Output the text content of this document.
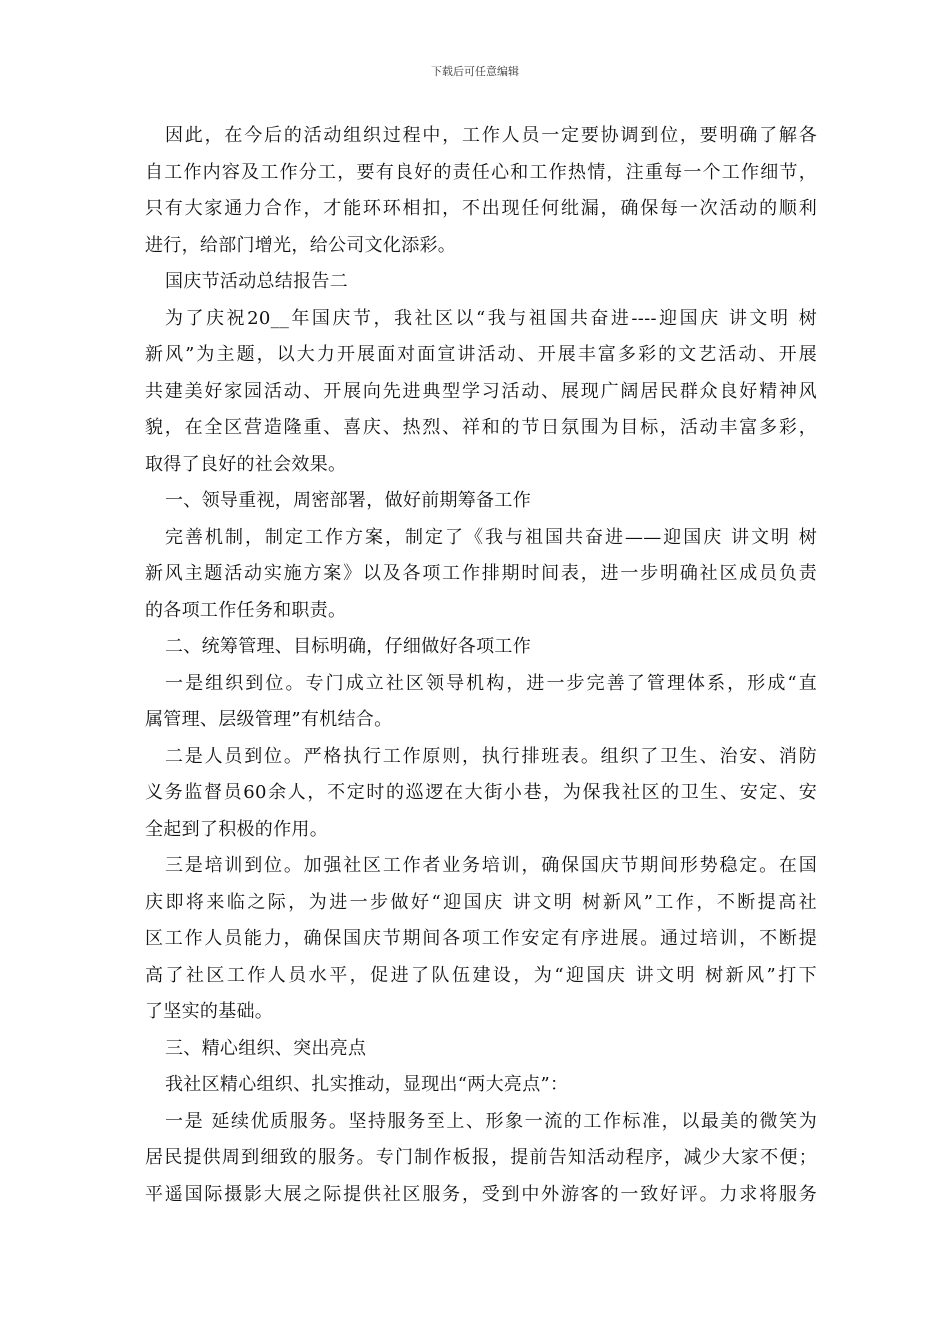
下载后可任意编辑
因此，在今后的活动组织过程中，工作人员一定要协调到位，要明确了解各
自工作内容及工作分工，要有良好的责任心和工作热情，注重每一个工作细节，
只有大家通力合作，才能环环相扣，不出现任何纰漏，确保每一次活动的顺利
进行，给部门增光，给公司文化添彩。
国庆节活动总结报告二
为了庆祝20__年国庆节，我社区以“我与祖国共奋进----迎国庆 讲文明 树
新风”为主题，以大力开展面对面宣讲活动、开展丰富多彩的文艺活动、开展
共建美好家园活动、开展向先进典型学习活动、展现广阔居民群众良好精神风
貌，在全区营造隆重、喜庆、热烈、祥和的节日氛围为目标，活动丰富多彩，
取得了良好的社会效果。
一、领导重视，周密部署，做好前期筹备工作
完善机制，制定工作方案，制定了《我与祖国共奋进——迎国庆 讲文明 树
新风主题活动实施方案》以及各项工作排期时间表，进一步明确社区成员负责
的各项工作任务和职责。
二、统筹管理、目标明确，仔细做好各项工作
一是组织到位。专门成立社区领导机构，进一步完善了管理体系，形成“直
属管理、层级管理”有机结合。
二是人员到位。严格执行工作原则，执行排班表。组织了卫生、治安、消防
义务监督员60余人，不定时的巡逻在大街小巷，为保我社区的卫生、安定、安
全起到了积极的作用。
三是培训到位。加强社区工作者业务培训，确保国庆节期间形势稳定。在国
庆即将来临之际，为进一步做好“迎国庆 讲文明 树新风”工作，不断提高社
区工作人员能力，确保国庆节期间各项工作安定有序进展。通过培训，不断提
高了社区工作人员水平，促进了队伍建设，为“迎国庆 讲文明 树新风”打下
了坚实的基础。
三、精心组织、突出亮点
我社区精心组织、扎实推动，显现出“两大亮点”：
一是 延续优质服务。坚持服务至上、形象一流的工作标准，以最美的微笑为
居民提供周到细致的服务。专门制作板报，提前告知活动程序，减少大家不便；
平遥国际摄影大展之际提供社区服务，受到中外游客的一致好评。力求将服务
